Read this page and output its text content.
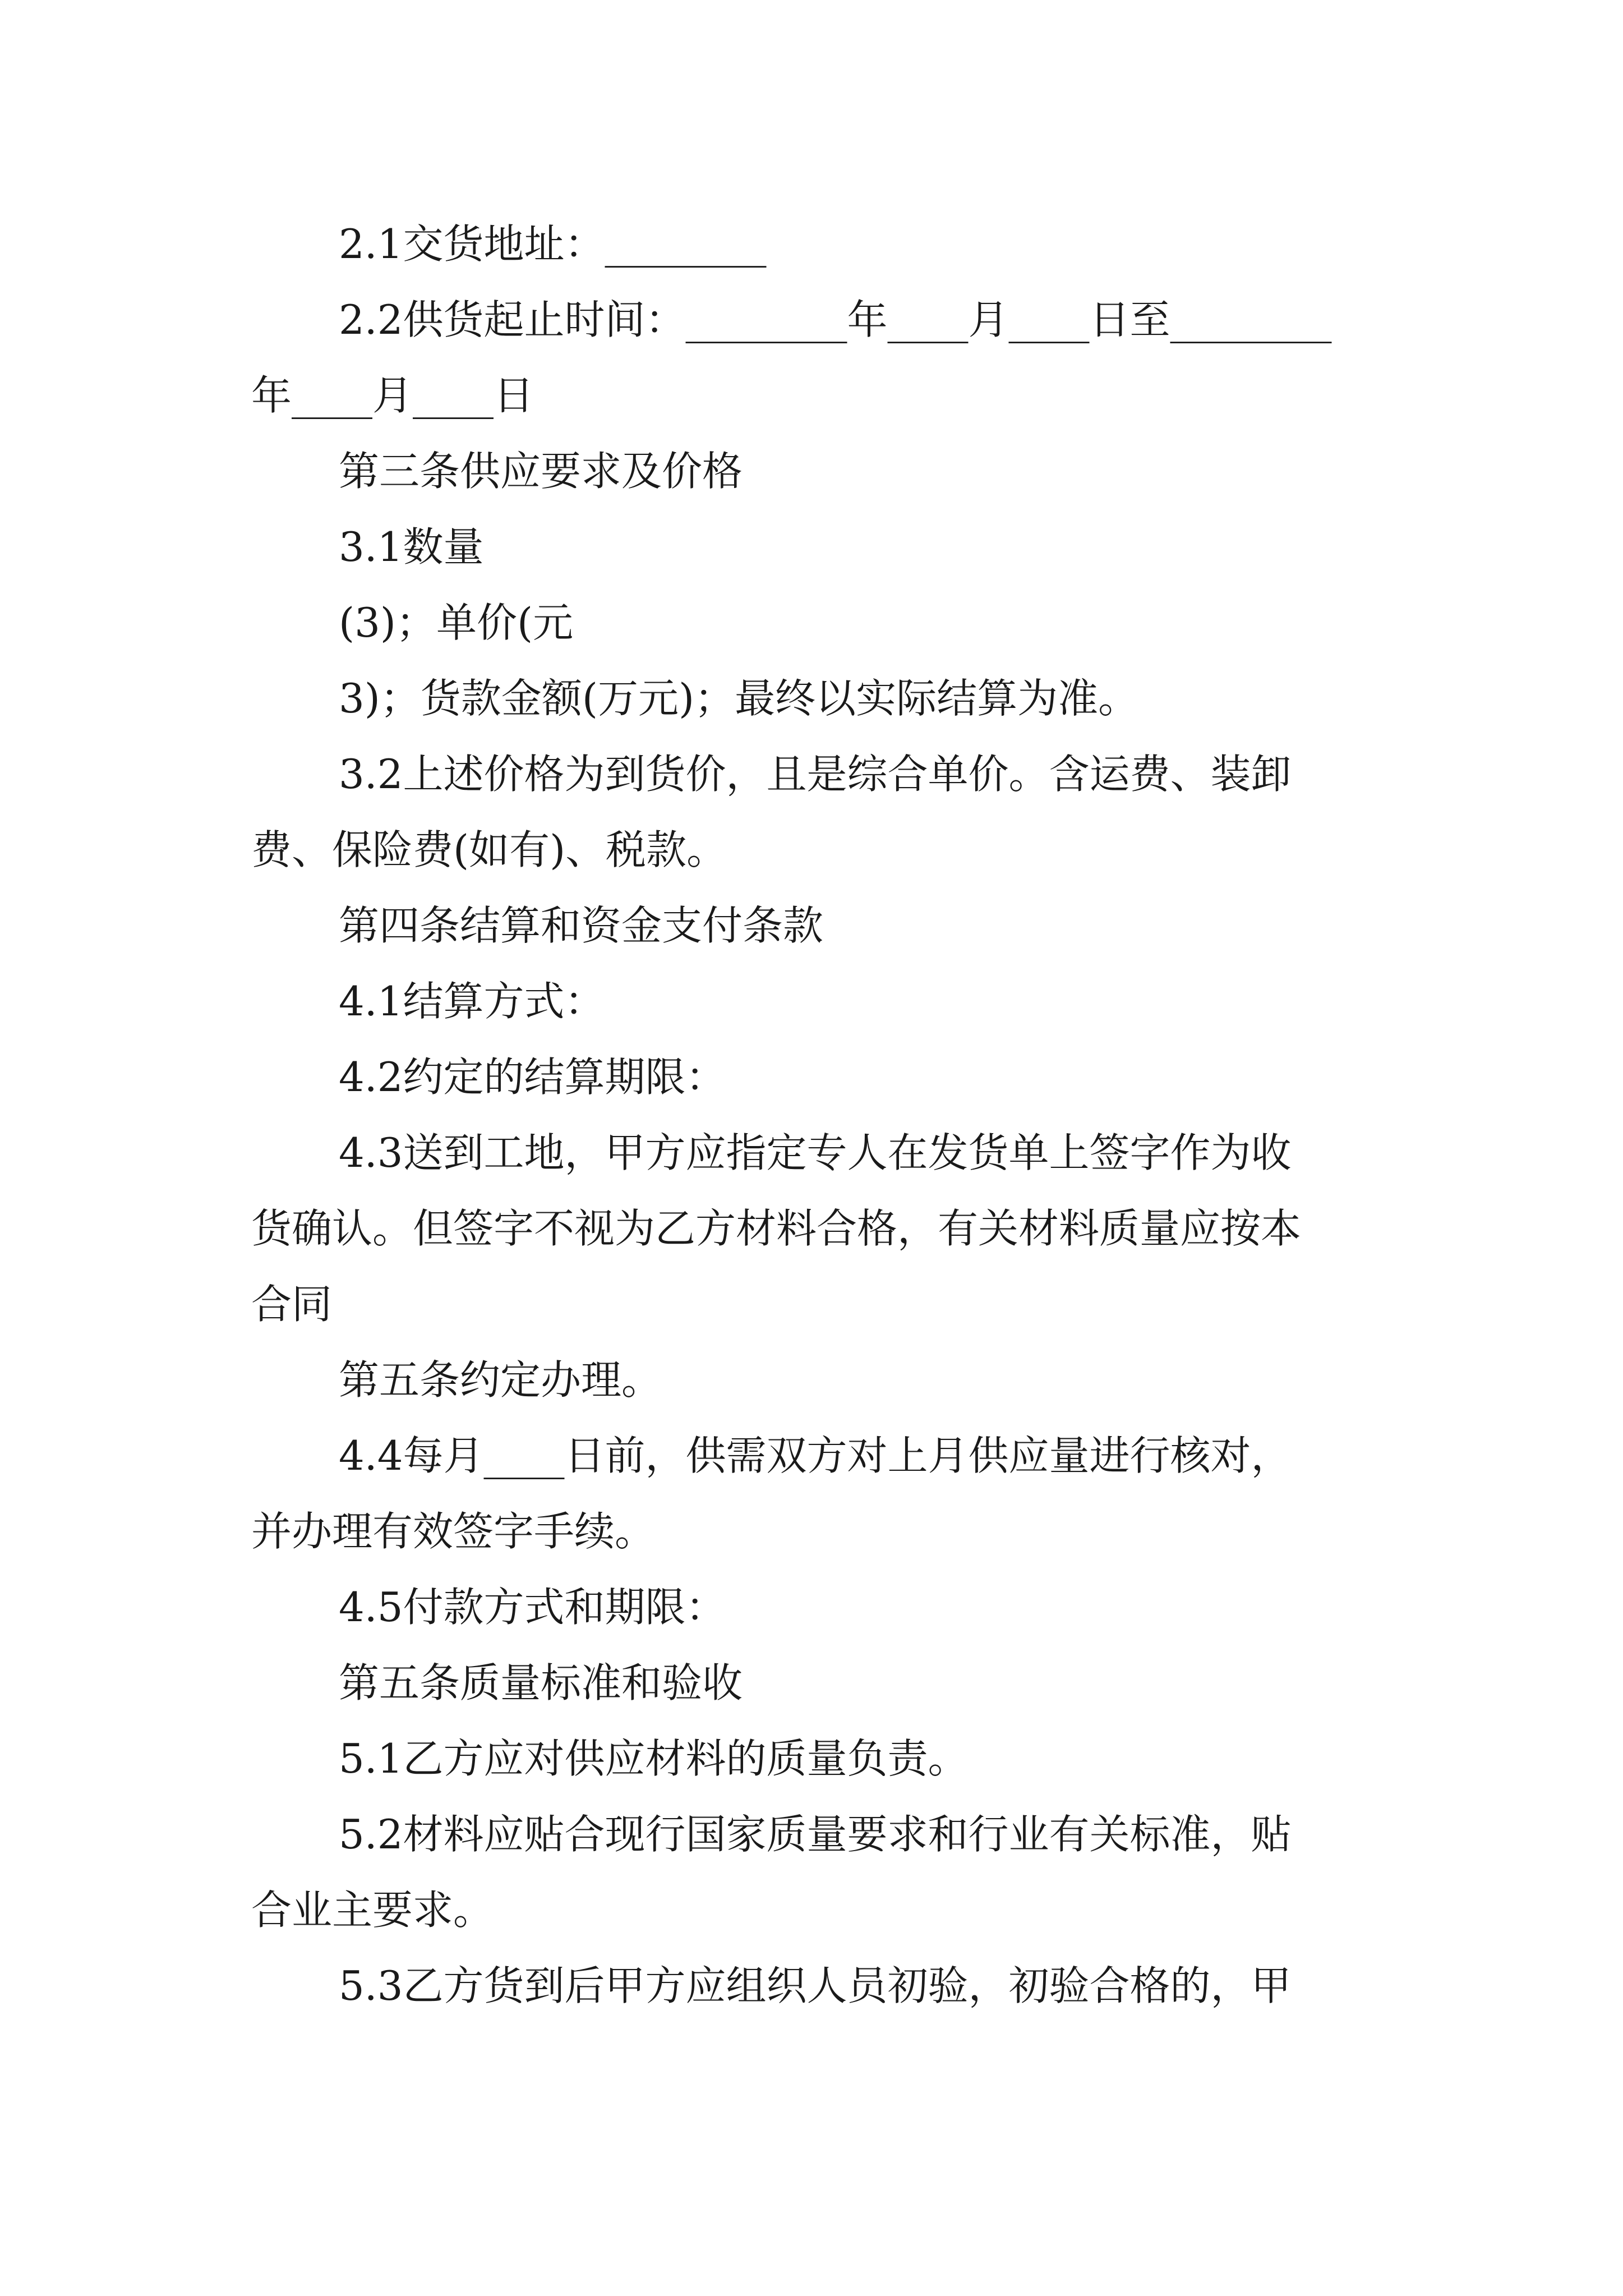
2.1交货地址：________
2.2供货起止时间：________年____月____日至________
年____月____日
第三条供应要求及价格
3.1数量
(3)；单价(元
3)；货款金额(万元)；最终以实际结算为准。
3.2上述价格为到货价，且是综合单价。含运费、装卸
费、保险费(如有)、税款。
第四条结算和资金支付条款
4.1结算方式：
4.2约定的结算期限：
4.3送到工地，甲方应指定专人在发货单上签字作为收
货确认。但签字不视为乙方材料合格，有关材料质量应按本
合同
第五条约定办理。
4.4每月____日前，供需双方对上月供应量进行核对，
并办理有效签字手续。
4.5付款方式和期限：
第五条质量标准和验收
5.1乙方应对供应材料的质量负责。
5.2材料应贴合现行国家质量要求和行业有关标准，贴
合业主要求。
5.3乙方货到后甲方应组织人员初验，初验合格的，甲
